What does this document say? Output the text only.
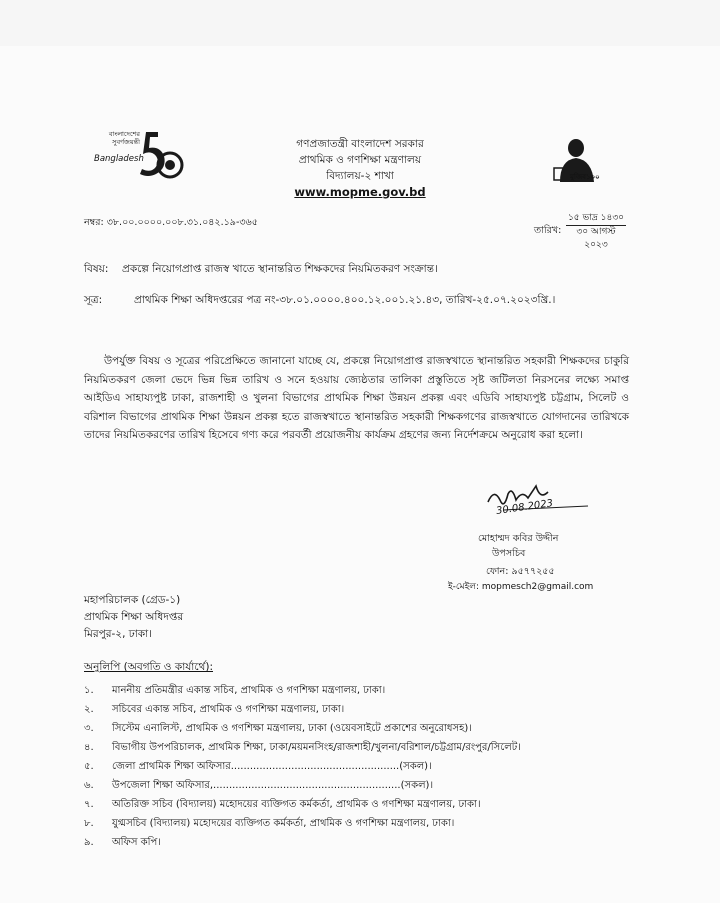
বাংলাদেশের
সুবর্ণজয়ন্তী
Bangladesh
গণপ্রজাতন্ত্রী বাংলাদেশ সরকার
প্রাথমিক ও গণশিক্ষা মন্ত্রণালয়
বিদ্যালয়-২ শাখা
www.mopme.gov.bd
মুজিব১০০
নম্বর: ৩৮.০০.০০০০.০০৮.৩১.০৪২.১৯-৩৬৫
তারিখ:
১৫ ভাদ্র ১৪৩০
৩০ আগস্ট ২০২৩
বিষয়: প্রকল্পে নিয়োগপ্রাপ্ত রাজস্ব খাতে স্থানান্তরিত শিক্ষকদের নিয়মিতকরণ সংক্রান্ত।
সূত্র:	প্রাথমিক শিক্ষা অধিদপ্তরের পত্র নং-৩৮.০১.০০০০.৪০০.১২.০০১.২১.৪৩, তারিখ-২৫.০৭.২০২৩খ্রি.।
উপর্যুক্ত বিষয় ও সূত্রের পরিপ্রেক্ষিতে জানানো যাচ্ছে যে, প্রকল্পে নিয়োগপ্রাপ্ত রাজস্বখাতে স্থানান্তরিত সহকারী শিক্ষকদের চাকুরি নিয়মিতকরণ জেলা ভেদে ভিন্ন ভিন্ন তারিখ ও সনে হওয়ায় জ্যেষ্ঠতার তালিকা প্রস্তুতিতে সৃষ্ট জটিলতা নিরসনের লক্ষ্যে সমাপ্ত আইডিএ সাহায্যপুষ্ট ঢাকা, রাজশাহী ও খুলনা বিভাগের প্রাথমিক শিক্ষা উন্নয়ন প্রকল্প এবং এডিবি সাহায্যপুষ্ট চট্টগ্রাম, সিলেট ও বরিশাল বিভাগের প্রাথমিক শিক্ষা উন্নয়ন প্রকল্প হতে রাজস্বখাতে স্থানান্তরিত সহকারী শিক্ষকগণের রাজস্বখাতে যোগদানের তারিখকে তাদের নিয়মিতকরণের তারিখ হিসেবে গণ্য করে পরবর্তী প্রয়োজনীয় কার্যক্রম গ্রহণের জন্য নির্দেশক্রমে অনুরোধ করা হলো।
30.08.2023
মোহাম্মদ কবির উদ্দীন
উপসচিব
ফোন: ৯৫৭৭২৫৫
ই-মেইল: mopmesch2@gmail.com
মহাপরিচালক (গ্রেড-১)
প্রাথমিক শিক্ষা অধিদপ্তর
মিরপুর-২, ঢাকা।
অনুলিপি (অবগতি ও কার্যার্থে):
১. মাননীয় প্রতিমন্ত্রীর একান্ত সচিব, প্রাথমিক ও গণশিক্ষা মন্ত্রণালয়, ঢাকা।
২. সচিবের একান্ত সচিব, প্রাথমিক ও গণশিক্ষা মন্ত্রণালয়, ঢাকা।
৩. সিস্টেম এনালিস্ট, প্রাথমিক ও গণশিক্ষা মন্ত্রণালয়, ঢাকা (ওয়েবসাইটে প্রকাশের অনুরোধসহ)।
৪. বিভাগীয় উপপরিচালক, প্রাথমিক শিক্ষা, ঢাকা/ময়মনসিংহ/রাজশাহী/খুলনা/বরিশাল/চট্টগ্রাম/রংপুর/সিলেট।
৫. জেলা প্রাথমিক শিক্ষা অফিসার.....................................................(সকল)।
৬. উপজেলা শিক্ষা অফিসার,...........................................................(সকল)।
৭. অতিরিক্ত সচিব (বিদ্যালয়) মহোদয়ের ব্যক্তিগত কর্মকর্তা, প্রাথমিক ও গণশিক্ষা মন্ত্রণালয়, ঢাকা।
৮. যুগ্মসচিব (বিদ্যালয়) মহোদয়ের ব্যক্তিগত কর্মকর্তা, প্রাথমিক ও গণশিক্ষা মন্ত্রণালয়, ঢাকা।
৯. অফিস কপি।
